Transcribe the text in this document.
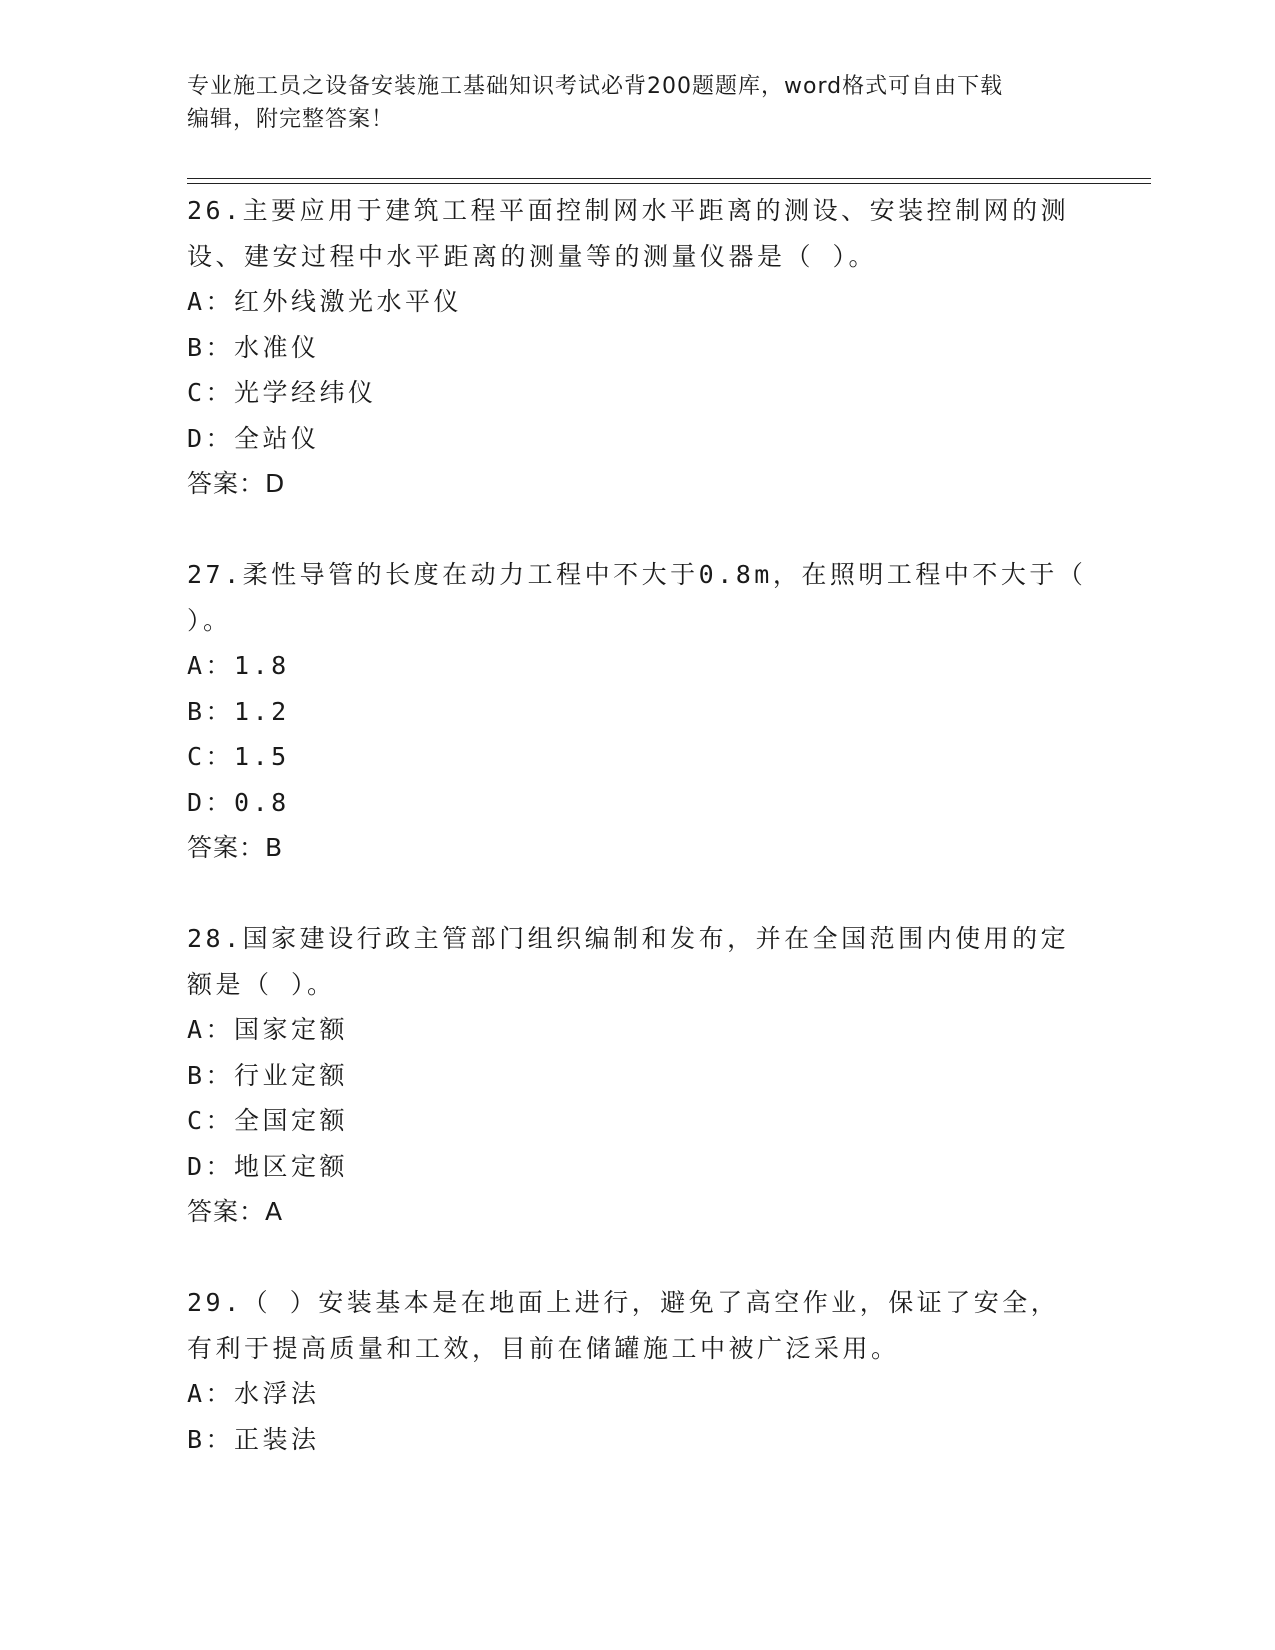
专业施工员之设备安装施工基础知识考试必背200题题库，word格式可自由下载
编辑，附完整答案！
26.主要应用于建筑工程平面控制网水平距离的测设、安装控制网的测设、建安过程中水平距离的测量等的测量仪器是（ ）。
A：红外线激光水平仪
B：水准仪
C：光学经纬仪
D：全站仪
答案：D
27.柔性导管的长度在动力工程中不大于0.8m，在照明工程中不大于（ ）。
A：1.8
B：1.2
C：1.5
D：0.8
答案：B
28.国家建设行政主管部门组织编制和发布，并在全国范围内使用的定额是（ ）。
A：国家定额
B：行业定额
C：全国定额
D：地区定额
答案：A
29.（ ）安装基本是在地面上进行，避免了高空作业，保证了安全，有利于提高质量和工效，目前在储罐施工中被广泛采用。
A：水浮法
B：正装法
